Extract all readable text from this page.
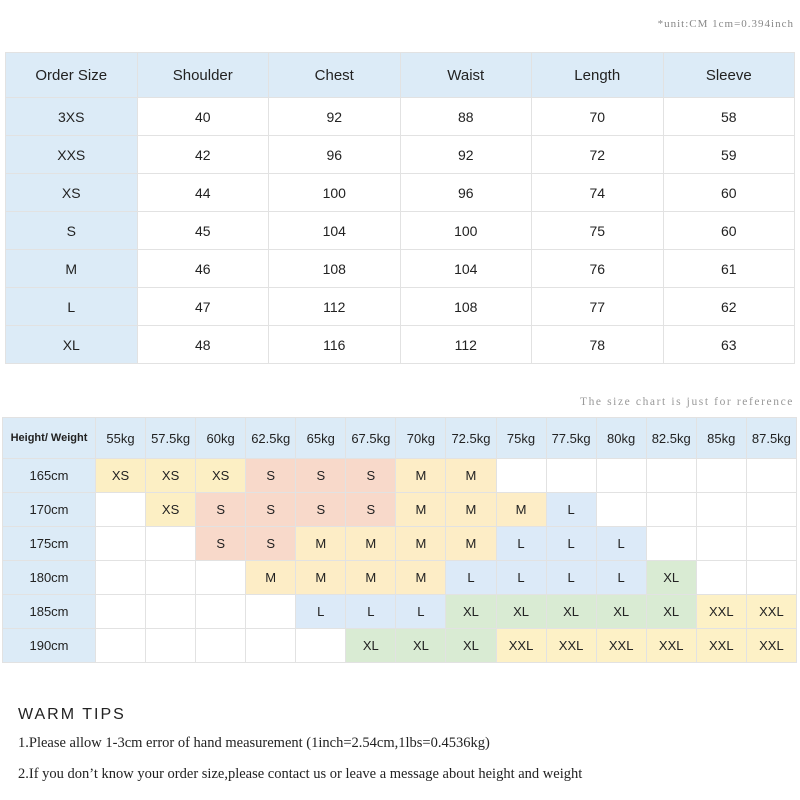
*unit:CM 1cm=0.394inch
Order Size	Shoulder	Chest	Waist	Length	Sleeve
3XS	40	92	88	70	58
XXS	42	96	92	72	59
XS	44	100	96	74	60
S	45	104	100	75	60
M	46	108	104	76	61
L	47	112	108	77	62
XL	48	116	112	78	63
The size chart is just for reference
Height/ Weight	55kg	57.5kg	60kg	62.5kg	65kg	67.5kg	70kg	72.5kg	75kg	77.5kg	80kg	82.5kg	85kg	87.5kg
165cm	XS	XS	XS	S	S	S	M	M						
170cm		XS	S	S	S	S	M	M	M	L				
175cm			S	S	M	M	M	M	L	L	L			
180cm				M	M	M	M	L	L	L	L	XL		
185cm					L	L	L	XL	XL	XL	XL	XL	XXL	XXL
190cm						XL	XL	XL	XXL	XXL	XXL	XXL	XXL	XXL
WARM TIPS
1.Please allow 1-3cm error of hand measurement (1inch=2.54cm,1lbs=0.4536kg)
2.If you don’t know your order size,please contact us or leave a message about height and weight
